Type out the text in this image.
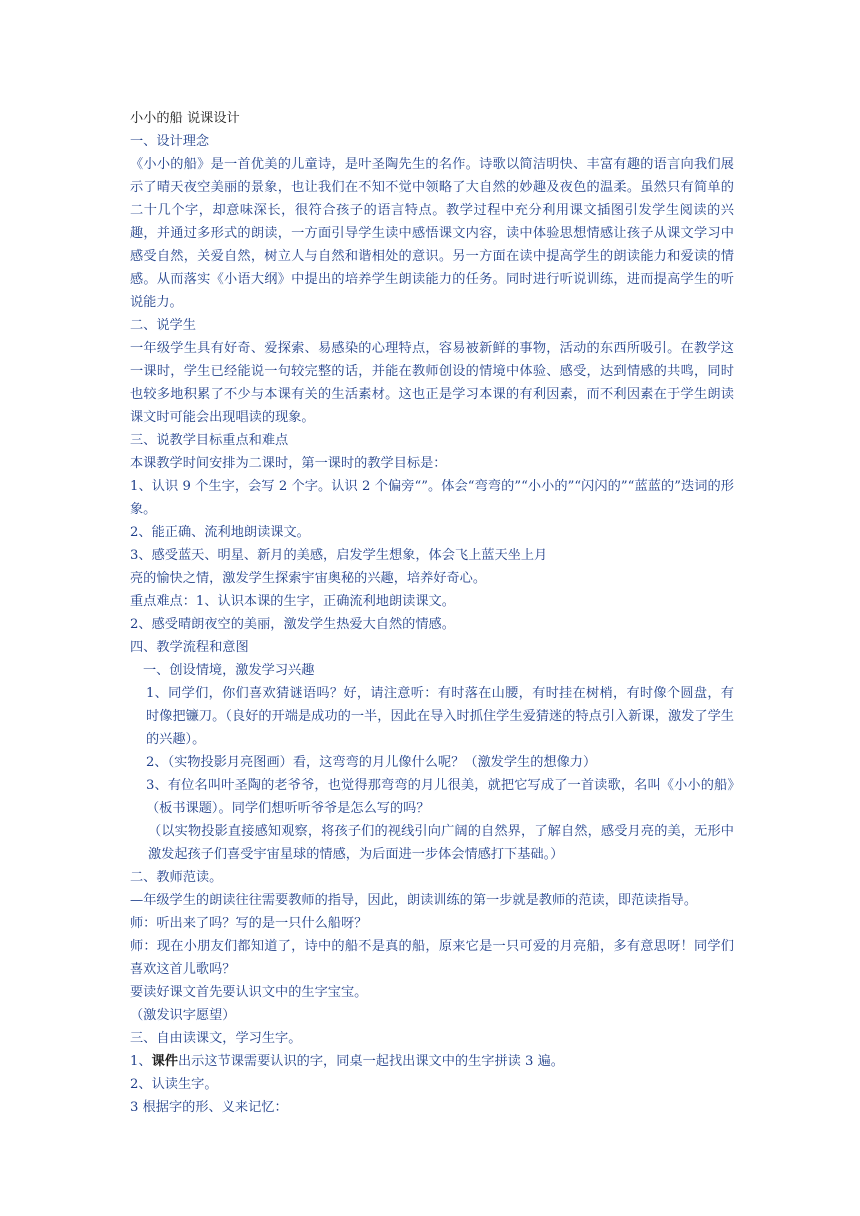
小小的船 说课设计

一、设计理念

《小小的船》是一首优美的儿童诗，是叶圣陶先生的名作。诗歌以简洁明快、丰富有趣的语言向我们展示了晴天夜空美丽的景象，也让我们在不知不觉中领略了大自然的妙趣及夜色的温柔。虽然只有简单的二十几个字，却意味深长，很符合孩子的语言特点。教学过程中充分利用课文插图引发学生阅读的兴趣，并通过多形式的朗读，一方面引导学生读中感悟课文内容，读中体验思想情感让孩子从课文学习中感受自然，关爱自然，树立人与自然和谐相处的意识。另一方面在读中提高学生的朗读能力和爱读的情感。从而落实《小语大纲》中提出的培养学生朗读能力的任务。同时进行听说训练，进而提高学生的听说能力。

二、说学生

一年级学生具有好奇、爱探索、易感染的心理特点，容易被新鲜的事物，活动的东西所吸引。在教学这一课时，学生已经能说一句较完整的话，并能在教师创设的情境中体验、感受，达到情感的共鸣，同时也较多地积累了不少与本课有关的生活素材。这也正是学习本课的有利因素，而不利因素在于学生朗读课文时可能会出现唱读的现象。

三、说教学目标重点和难点

本课教学时间安排为二课时，第一课时的教学目标是：

1、认识 9 个生字，会写 2 个字。认识 2 个偏旁“”。体会“弯弯的”“小小的”“闪闪的”“蓝蓝的”迭词的形象。

2、能正确、流利地朗读课文。

3、感受蓝天、明星、新月的美感，启发学生想象，体会飞上蓝天坐上月

亮的愉快之情，激发学生探索宇宙奥秘的兴趣，培养好奇心。

重点难点：1、认识本课的生字，正确流利地朗读课文。

2、感受晴朗夜空的美丽，激发学生热爱大自然的情感。

四、教学流程和意图

一、创设情境，激发学习兴趣

1、同学们，你们喜欢猜谜语吗？好，请注意听：有时落在山腰，有时挂在树梢，有时像个圆盘，有时像把镰刀。（良好的开端是成功的一半，因此在导入时抓住学生爱猜迷的特点引入新课，激发了学生的兴趣）。

2、（实物投影月亮图画）看，这弯弯的月儿像什么呢？（激发学生的想像力）

3、有位名叫叶圣陶的老爷爷，也觉得那弯弯的月儿很美，就把它写成了一首读歌，名叫《小小的船》（板书课题）。同学们想听听爷爷是怎么写的吗？

（以实物投影直接感知观察，将孩子们的视线引向广阔的自然界，了解自然，感受月亮的美，无形中激发起孩子们喜受宇宙星球的情感，为后面进一步体会情感打下基础。）

二、教师范读。

—年级学生的朗读往往需要教师的指导，因此，朗读训练的第一步就是教师的范读，即范读指导。

师：听出来了吗？写的是一只什么船呀？

师：现在小朋友们都知道了，诗中的船不是真的船，原来它是一只可爱的月亮船，多有意思呀！同学们喜欢这首儿歌吗？

要读好课文首先要认识文中的生字宝宝。

（激发识字愿望）

三、自由读课文，学习生字。

1、课件出示这节课需要认识的字，同桌一起找出课文中的生字拼读 3 遍。

2、认读生字。

3 根据字的形、义来记忆：
